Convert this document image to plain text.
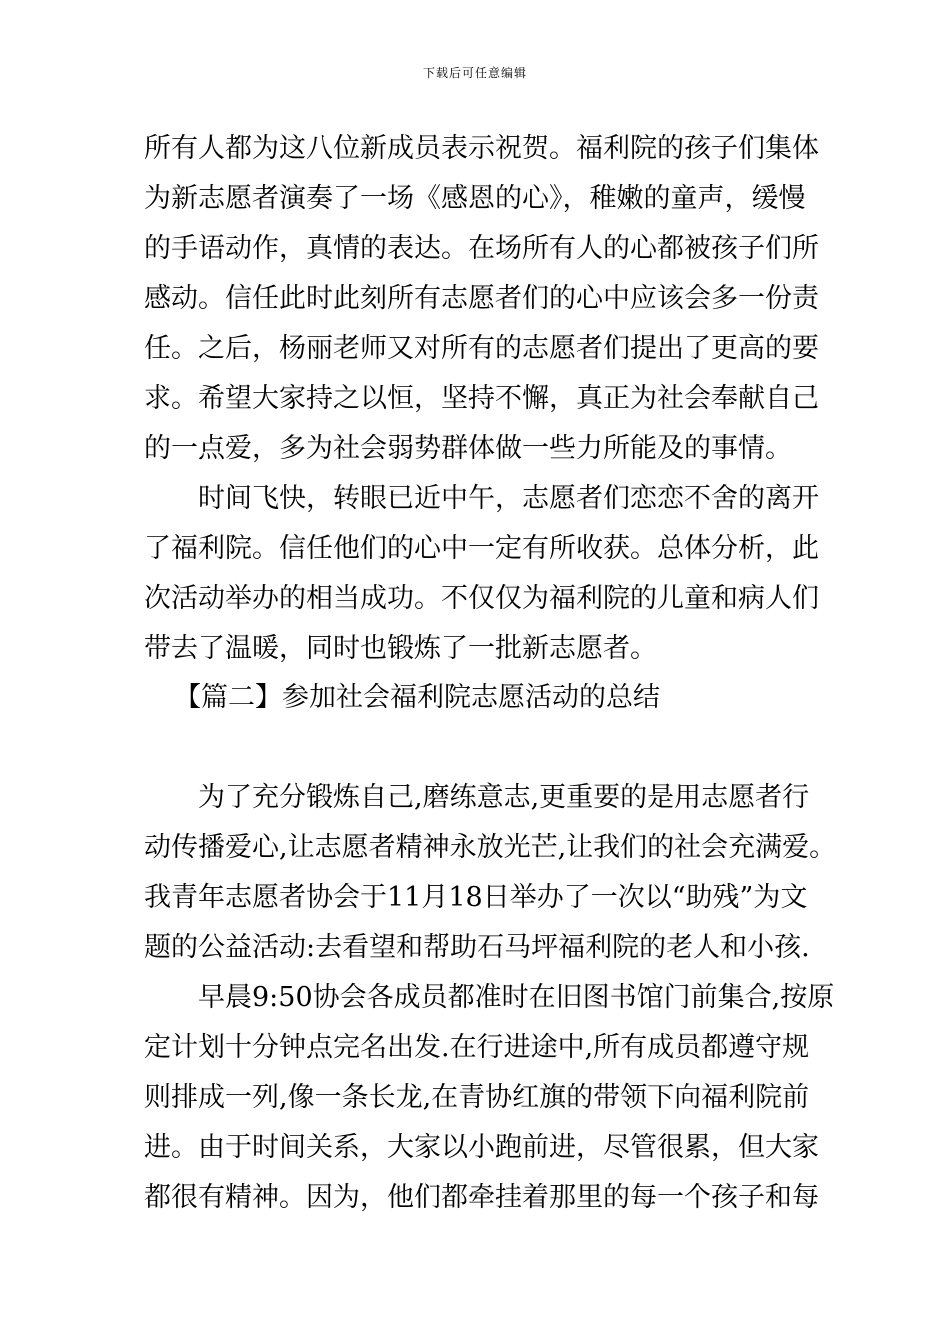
下载后可任意编辑
所有人都为这八位新成员表示祝贺。福利院的孩子们集体
为新志愿者演奏了一场《感恩的心》，稚嫩的童声，缓慢
的手语动作，真情的表达。在场所有人的心都被孩子们所
感动。信任此时此刻所有志愿者们的心中应该会多一份责
任。之后，杨丽老师又对所有的志愿者们提出了更高的要
求。希望大家持之以恒，坚持不懈，真正为社会奉献自己
的一点爱，多为社会弱势群体做一些力所能及的事情。
时间飞快，转眼已近中午，志愿者们恋恋不舍的离开
了福利院。信任他们的心中一定有所收获。总体分析，此
次活动举办的相当成功。不仅仅为福利院的儿童和病人们
带去了温暖，同时也锻炼了一批新志愿者。
【篇二】参加社会福利院志愿活动的总结
为了充分锻炼自己,磨练意志,更重要的是用志愿者行
动传播爱心,让志愿者精神永放光芒,让我们的社会充满爱。
我青年志愿者协会于11月18日举办了一次以“助残”为文
题的公益活动:去看望和帮助石马坪福利院的老人和小孩.
早晨9:50协会各成员都准时在旧图书馆门前集合,按原
定计划十分钟点完名出发.在行进途中,所有成员都遵守规
则排成一列,像一条长龙,在青协红旗的带领下向福利院前
进。由于时间关系，大家以小跑前进，尽管很累，但大家
都很有精神。因为，他们都牵挂着那里的每一个孩子和每
